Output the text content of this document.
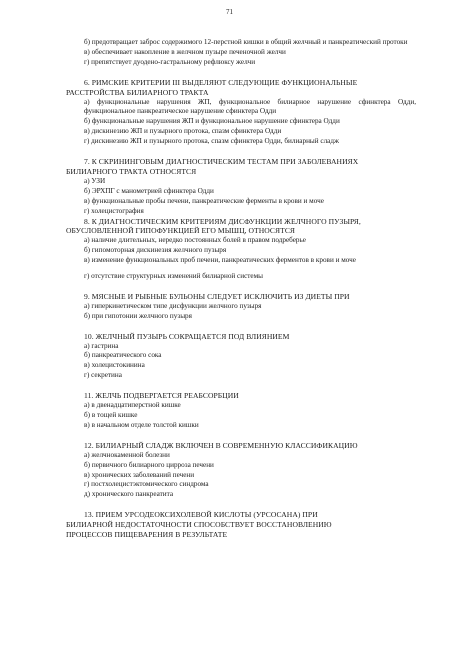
71
б) предотвращает заброс содержимого 12-перстной кишки в общий желчный и панкреатический протоки
в) обеспечивает накопление в желчном пузыре печеночной желчи
г) препятствует дуодено-гастральному рефлюксу желчи
6. РИМСКИЕ КРИТЕРИИ III ВЫДЕЛЯЮТ СЛЕДУЮЩИЕ ФУНКЦИОНАЛЬНЫЕ
РАССТРОЙСТВА БИЛИАРНОГО ТРАКТА
а) функциональные нарушения ЖП, функциональное билиарное нарушение сфинктера Одди, функциональное панкреатическое нарушение сфинктера Одди
б) функциональные нарушения ЖП и функциональное нарушение сфинктера Одди
в) дискинезию ЖП и пузырного протока, спазм сфинктера Одди
г) дискинезию ЖП и пузырного протока, спазм сфинктера Одди, билиарный сладж
7. К СКРИНИНГОВЫМ ДИАГНОСТИЧЕСКИМ ТЕСТАМ ПРИ ЗАБОЛЕВАНИЯХ
БИЛИАРНОГО ТРАКТА ОТНОСЯТСЯ
а) УЗИ
б) ЭРХПГ с манометрией сфинктера Одди
в) функциональные пробы печени, панкреатические ферменты в крови и моче
г) холецистография
8. К ДИАГНОСТИЧЕСКИМ КРИТЕРИЯМ ДИСФУНКЦИИ ЖЕЛЧНОГО ПУЗЫРЯ,
ОБУСЛОВЛЕННОЙ ГИПОФУНКЦИЕЙ ЕГО МЫШЦ, ОТНОСЯТСЯ
а) наличие длительных, нередко постоянных болей в правом подреберье
б) гипомоторная дискинезия желчного пузыря
в) изменение функциональных проб печени, панкреатических ферментов в крови и моче
г) отсутствие структурных изменений билиарной системы
9. МЯСНЫЕ И РЫБНЫЕ БУЛЬОНЫ СЛЕДУЕТ ИСКЛЮЧИТЬ ИЗ ДИЕТЫ ПРИ
а) гиперкинетическом типе дисфункции желчного пузыря
б) при гипотонии желчного пузыря
10. ЖЕЛЧНЫЙ ПУЗЫРЬ СОКРАЩАЕТСЯ ПОД ВЛИЯНИЕМ
а) гастрина
б) панкреатического сока
в) холецистокинина
г) секретина
11. ЖЕЛЧЬ ПОДВЕРГАЕТСЯ РЕАБСОРБЦИИ
а) в двенадцатиперстной кишке
б) в тощей кишке
в) в начальном отделе толстой кишки
12. БИЛИАРНЫЙ СЛАДЖ ВКЛЮЧЕН В СОВРЕМЕННУЮ КЛАССИФИКАЦИЮ
а) желчнокаменной болезни
б) первичного билиарного цирроза печени
в) хронических заболеваний печени
г) постхолецистэктомического синдрома
д) хронического панкреатита
13. ПРИЕМ УРСОДЕОКСИХОЛЕВОЙ КИСЛОТЫ (УРСОСАНА) ПРИ
БИЛИАРНОЙ НЕДОСТАТОЧНОСТИ СПОСОБСТВУЕТ ВОССТАНОВЛЕНИЮ
ПРОЦЕССОВ ПИЩЕВАРЕНИЯ В РЕЗУЛЬТАТЕ
